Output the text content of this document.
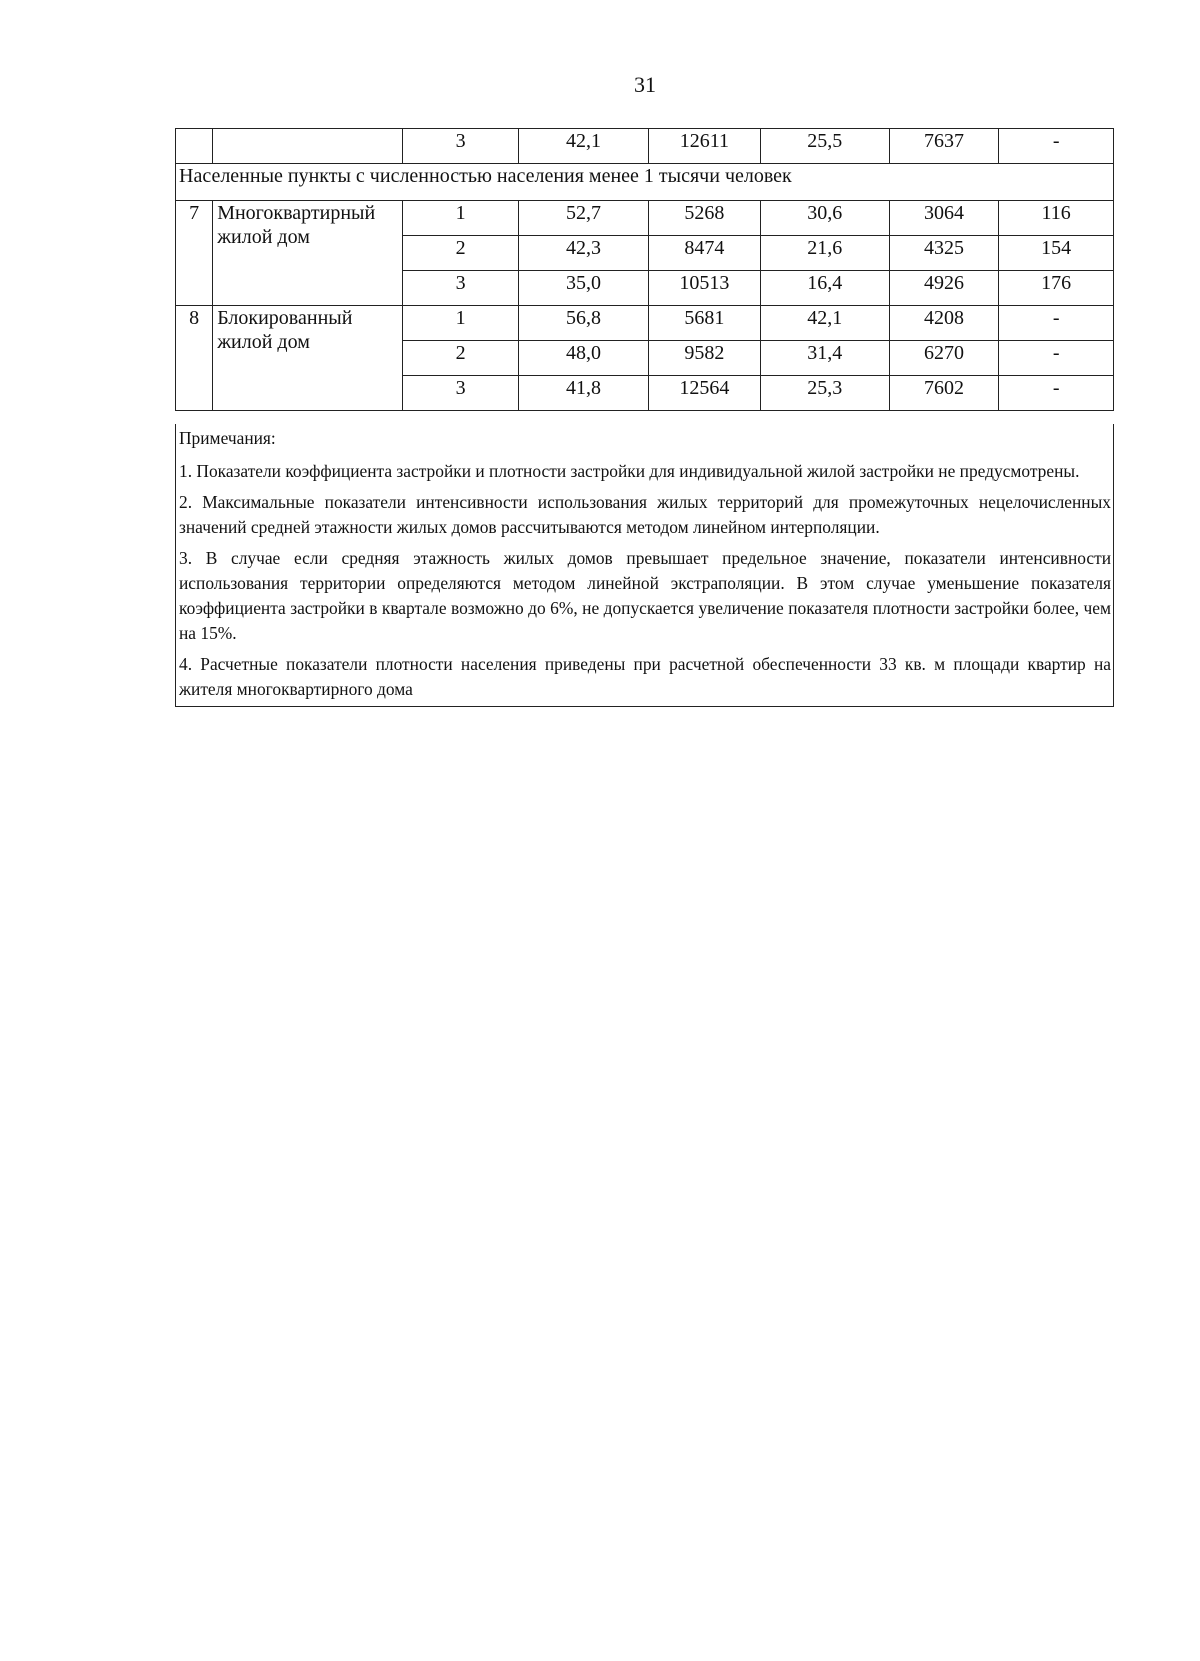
31
		3	42,1	12611	25,5	7637	-
Населенные пункты с численностью населения менее 1 тысячи человек							
7	Многоквартирный жилой дом	1	52,7	5268	30,6	3064	116
		2	42,3	8474	21,6	4325	154
		3	35,0	10513	16,4	4926	176
8	Блокированный жилой дом	1	56,8	5681	42,1	4208	-
		2	48,0	9582	31,4	6270	-
		3	41,8	12564	25,3	7602	-
Примечания:
1. Показатели коэффициента застройки и плотности застройки для индивидуальной жилой застройки не предусмотрены.
2. Максимальные показатели интенсивности использования жилых территорий для промежуточных нецелочисленных значений средней этажности жилых домов рассчитываются методом линейном интерполяции.
3. В случае если средняя этажность жилых домов превышает предельное значение, показатели интенсивности использования территории определяются методом линейной экстраполяции. В этом случае уменьшение показателя коэффициента застройки в квартале возможно до 6%, не допускается увеличение показателя плотности застройки более, чем на 15%.
4. Расчетные показатели плотности населения приведены при расчетной обеспеченности 33 кв. м площади квартир на жителя многоквартирного дома
